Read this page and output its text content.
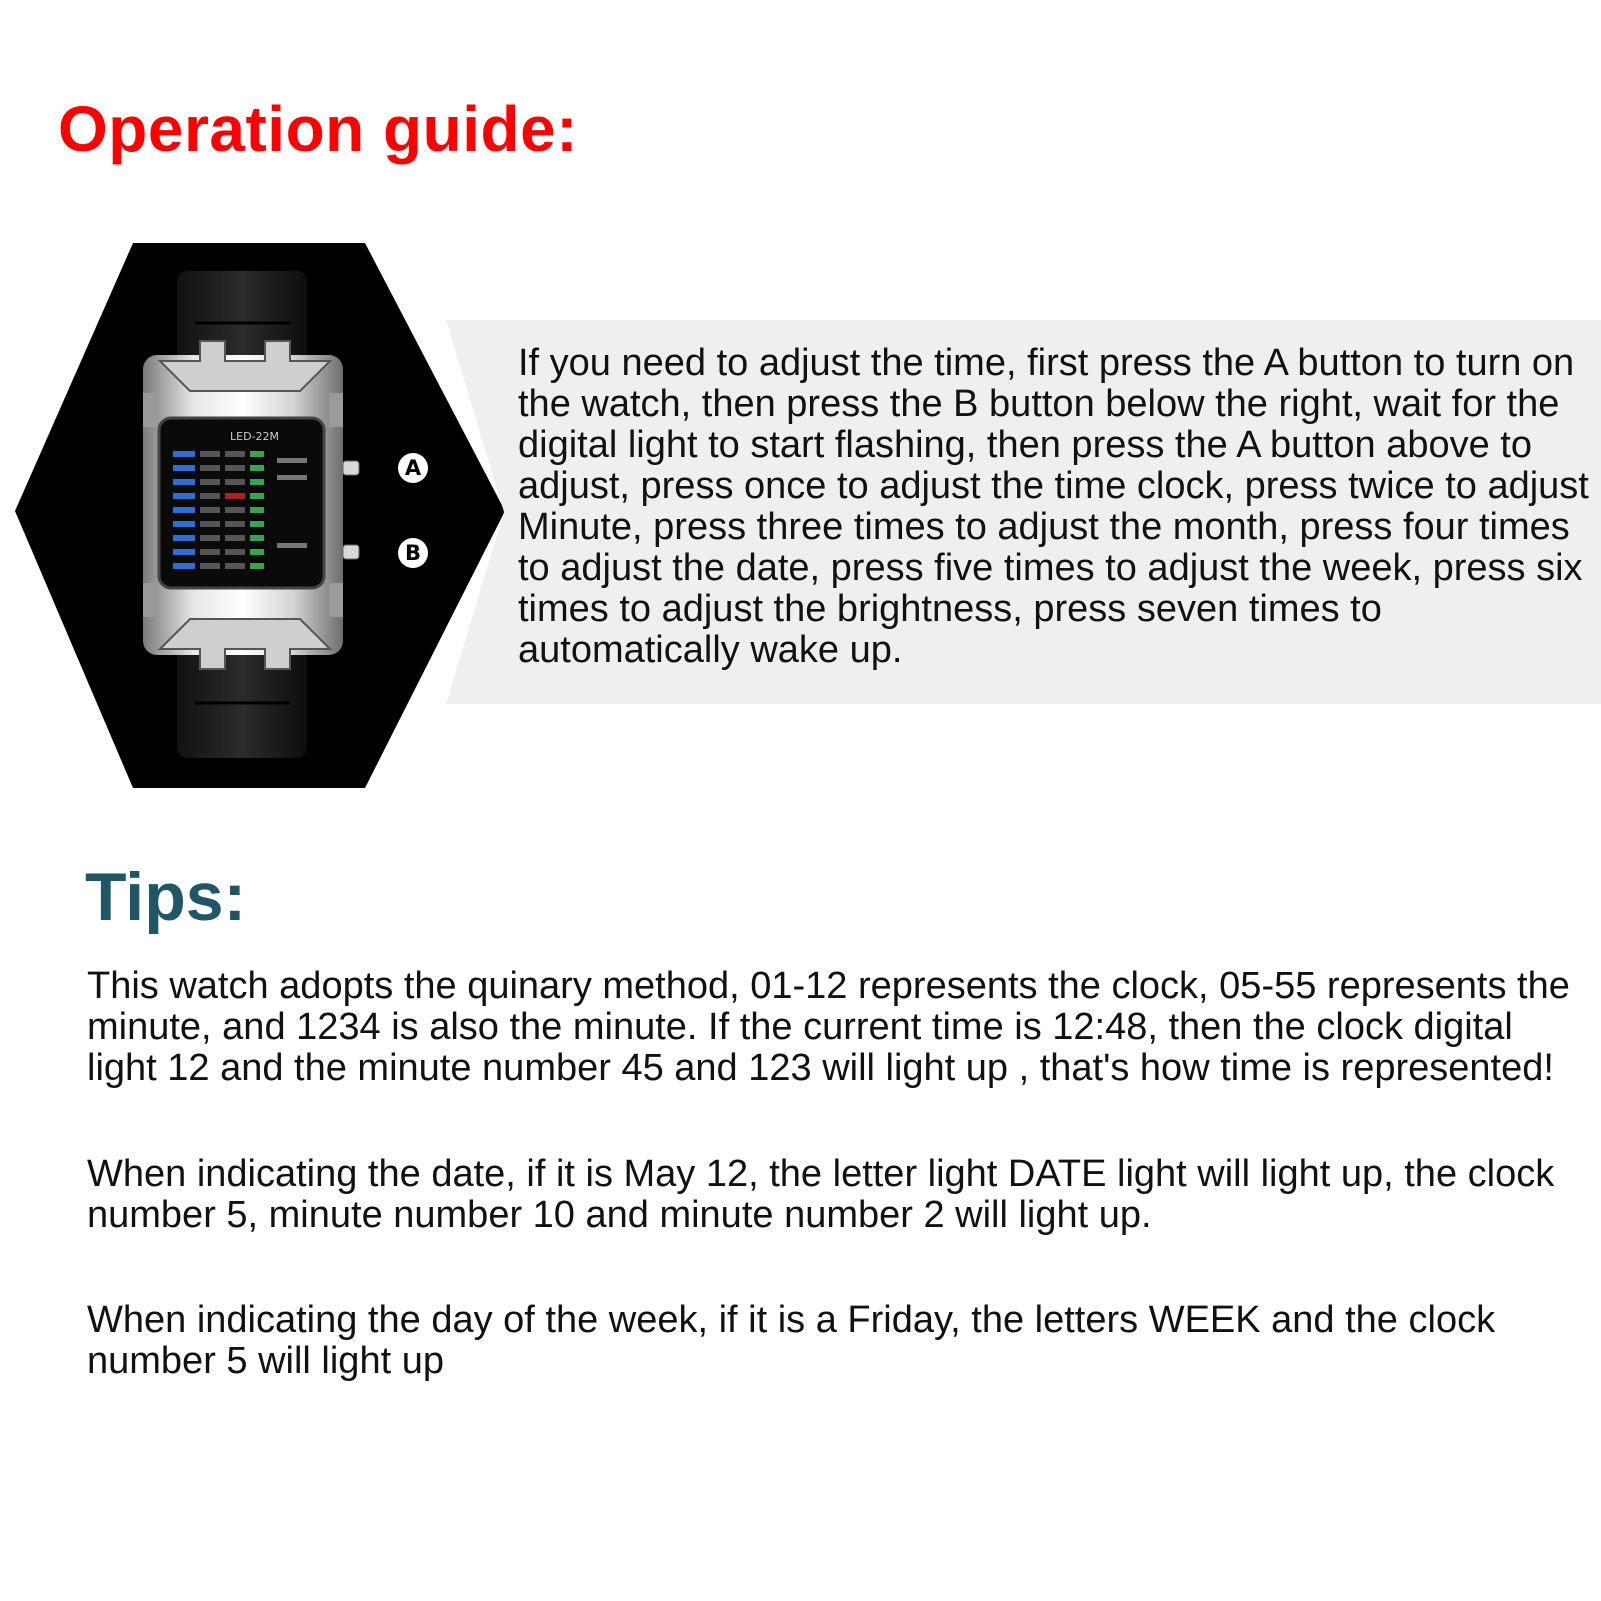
Operation guide:
LED-22M
A
B
If you need to adjust the time, first press the A button to turn on the watch, then press the B button below the right, wait for the digital light to start flashing, then press the A button above to adjust, press once to adjust the time clock, press twice to adjust Minute, press three times to adjust the month, press four times to adjust the date, press five times to adjust the week, press six times to adjust the brightness, press seven times to automatically wake up.
Tips:
This watch adopts the quinary method, 01-12 represents the clock, 05-55 represents the minute, and 1234 is also the minute. If the current time is 12:48, then the clock digital light 12 and the minute number 45 and 123 will light up , that's how time is represented!
When indicating the date, if it is May 12, the letter light DATE light will light up, the clock number 5, minute number 10 and minute number 2 will light up.
When indicating the day of the week, if it is a Friday, the letters WEEK and the clock number 5 will light up
